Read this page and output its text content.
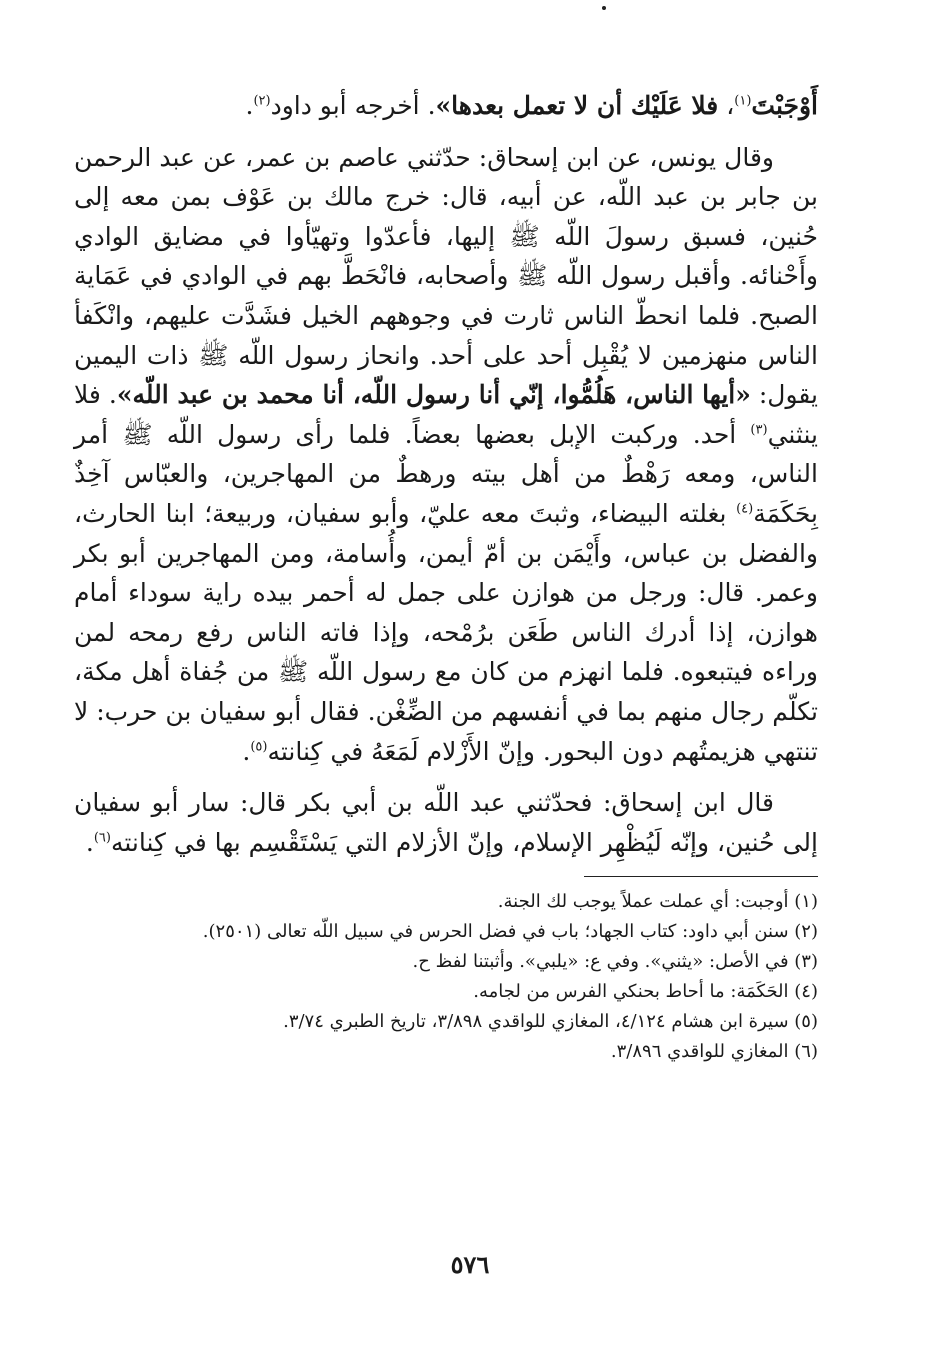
أَوْجَبْتَ$^{(١)}$، فلا عَلَيْك أن لا تعمل بعدها». أخرجه أبو داود$^{(٢)}$.

وقال يونس، عن ابن إسحاق: حدّثني عاصم بن عمر، عن عبد الرحمن بن جابر بن عبد اللّه، عن أبيه، قال: خرج مالك بن عَوْف بمن معه إلى حُنين، فسبق رسولَ اللّه ﷺ إليها، فأعدّوا وتهيّأوا في مضايق الوادي وأَحْنائه. وأقبل رسول اللّه ﷺ وأصحابه، فانْحَطَّ بهم في الوادي في عَمَاية الصبح. فلما انحطّ الناس ثارت في وجوههم الخيل فشَدَّت عليهم، وانْكَفأ الناس منهزمين لا يُقْبِل أحد على أحد. وانحاز رسول اللّه ﷺ ذات اليمين يقول: «أيها الناس، هَلُمُّوا، إنّي أنا رسول اللّه، أنا محمد بن عبد اللّه». فلا ينثني$^{(٣)}$ أحد. وركبت الإبل بعضها بعضاً. فلما رأى رسول اللّه ﷺ أمر الناس، ومعه رَهْطٌ من أهل بيته ورهطٌ من المهاجرين، والعبّاس آخِذٌ بِحَكَمَة$^{(٤)}$ بغلته البيضاء، وثبتَ معه عليّ، وأبو سفيان، وربيعة؛ ابنا الحارث، والفضل بن عباس، وأَيْمَن بن أمّ أيمن، وأُسامة، ومن المهاجرين أبو بكر وعمر. قال: ورجل من هوازن على جمل له أحمر بيده راية سوداء أمام هوازن، إذا أدرك الناس طَعَن برُمْحه، وإذا فاته الناس رفع رمحه لمن وراءه فيتبعوه. فلما انهزم من كان مع رسول اللّه ﷺ من جُفاة أهل مكة، تكلّم رجال منهم بما في أنفسهم من الضِّغْن. فقال أبو سفيان بن حرب: لا تنتهي هزيمتُهم دون البحور. وإنّ الأَزْلام لَمَعَهُ في كِنانته$^{(٥)}$.

قال ابن إسحاق: فحدّثني عبد اللّه بن أبي بكر قال: سار أبو سفيان إلى حُنين، وإنّه لَيُظْهِر الإسلام، وإنّ الأزلام التي يَسْتَقْسِم بها في كِنانته$^{(٦)}$.

(١) أوجبت: أي عملت عملاً يوجب لك الجنة.
(٢) سنن أبي داود: كتاب الجهاد؛ باب في فضل الحرس في سبيل اللّه تعالى (٢٥٠١).
(٣) في الأصل: «يثني». وفي ع: «يلبي». وأثبتنا لفظ ح.
(٤) الحَكَمَة: ما أحاط بحنكي الفرس من لجامه.
(٥) سيرة ابن هشام ٤/١٢٤، المغازي للواقدي ٣/٨٩٨، تاريخ الطبري ٣/٧٤.
(٦) المغازي للواقدي ٣/٨٩٦.
٥٧٦
